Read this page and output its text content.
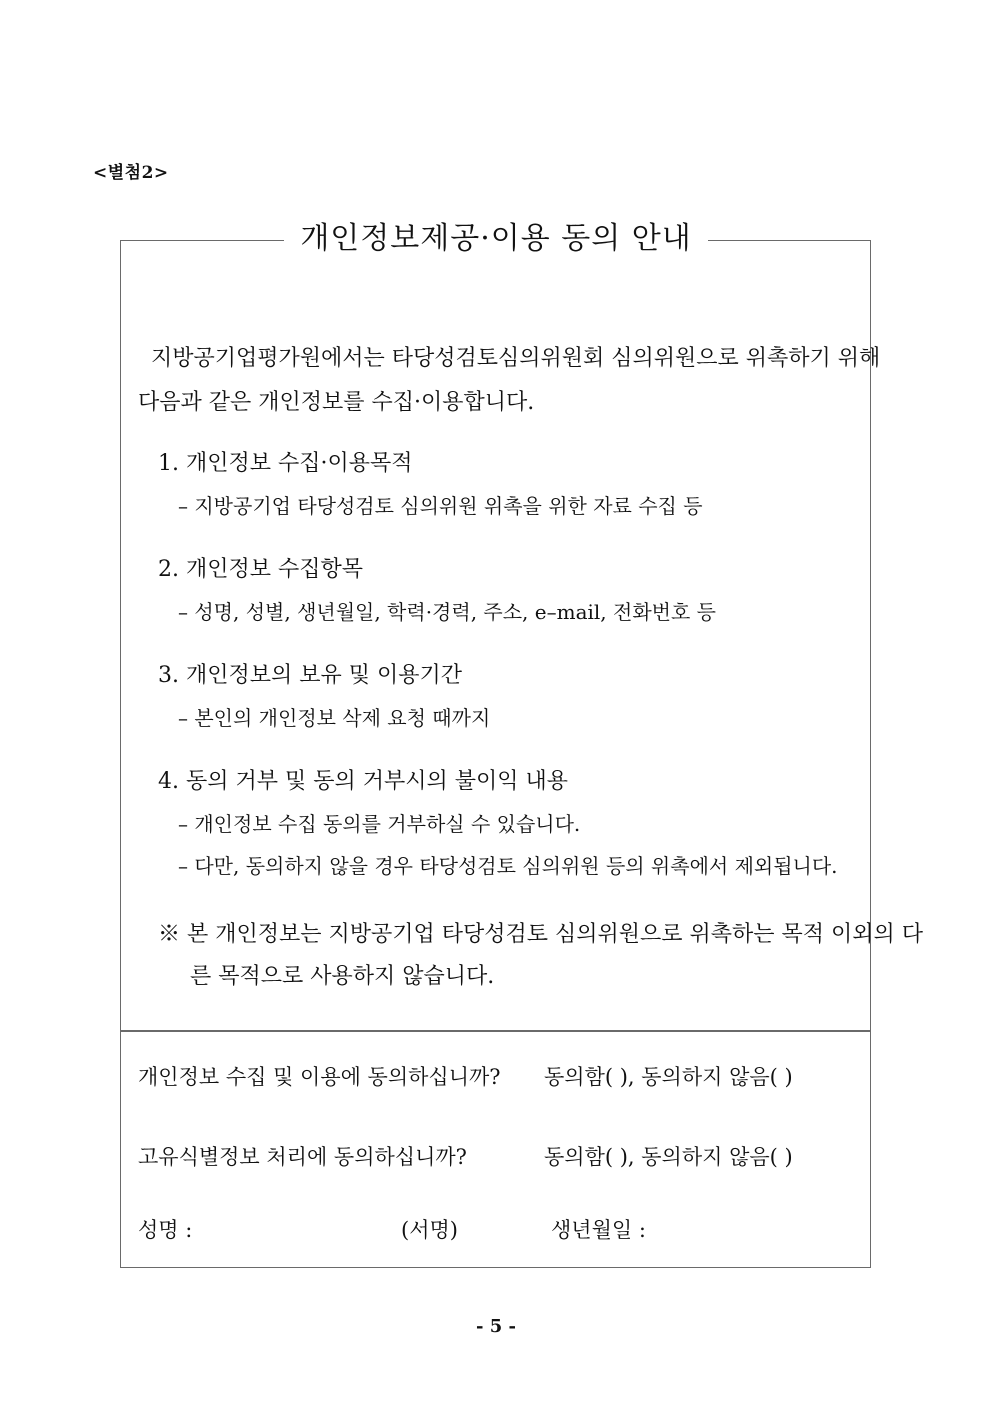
<별첨2>
개인정보제공·이용 동의 안내
지방공기업평가원에서는 타당성검토심의위원회 심의위원으로 위촉하기 위해
다음과 같은 개인정보를 수집·이용합니다.
1. 개인정보 수집·이용목적
– 지방공기업 타당성검토 심의위원 위촉을 위한 자료 수집 등
2. 개인정보 수집항목
– 성명, 성별, 생년월일, 학력·경력, 주소, e–mail, 전화번호 등
3. 개인정보의 보유 및 이용기간
– 본인의 개인정보 삭제 요청 때까지
4. 동의 거부 및 동의 거부시의 불이익 내용
– 개인정보 수집 동의를 거부하실 수 있습니다.
– 다만, 동의하지 않을 경우 타당성검토 심의위원 등의 위촉에서 제외됩니다.
※ 본 개인정보는 지방공기업 타당성검토 심의위원으로 위촉하는 목적 이외의 다
른 목적으로 사용하지 않습니다.
개인정보 수집 및 이용에 동의하십니까? 동의함( ), 동의하지 않음( )
고유식별정보 처리에 동의하십니까?	동의함( ), 동의하지 않음( )
성명 :	(서명)	생년월일 :
- 5 -
